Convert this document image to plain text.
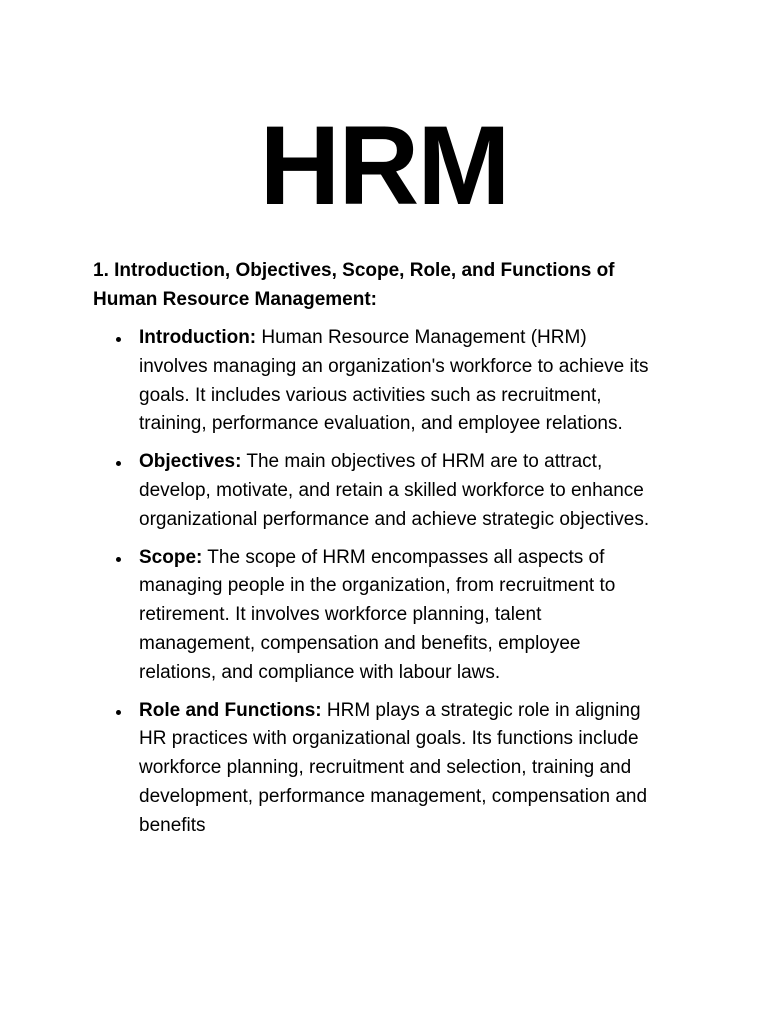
HRM

1. Introduction, Objectives, Scope, Role, and Functions of Human Resource Management:

Introduction: Human Resource Management (HRM) involves managing an organization's workforce to achieve its goals. It includes various activities such as recruitment, training, performance evaluation, and employee relations.
Objectives: The main objectives of HRM are to attract, develop, motivate, and retain a skilled workforce to enhance organizational performance and achieve strategic objectives.
Scope: The scope of HRM encompasses all aspects of managing people in the organization, from recruitment to retirement. It involves workforce planning, talent management, compensation and benefits, employee relations, and compliance with labour laws.
Role and Functions: HRM plays a strategic role in aligning HR practices with organizational goals. Its functions include workforce planning, recruitment and selection, training and development, performance management, compensation and benefits
